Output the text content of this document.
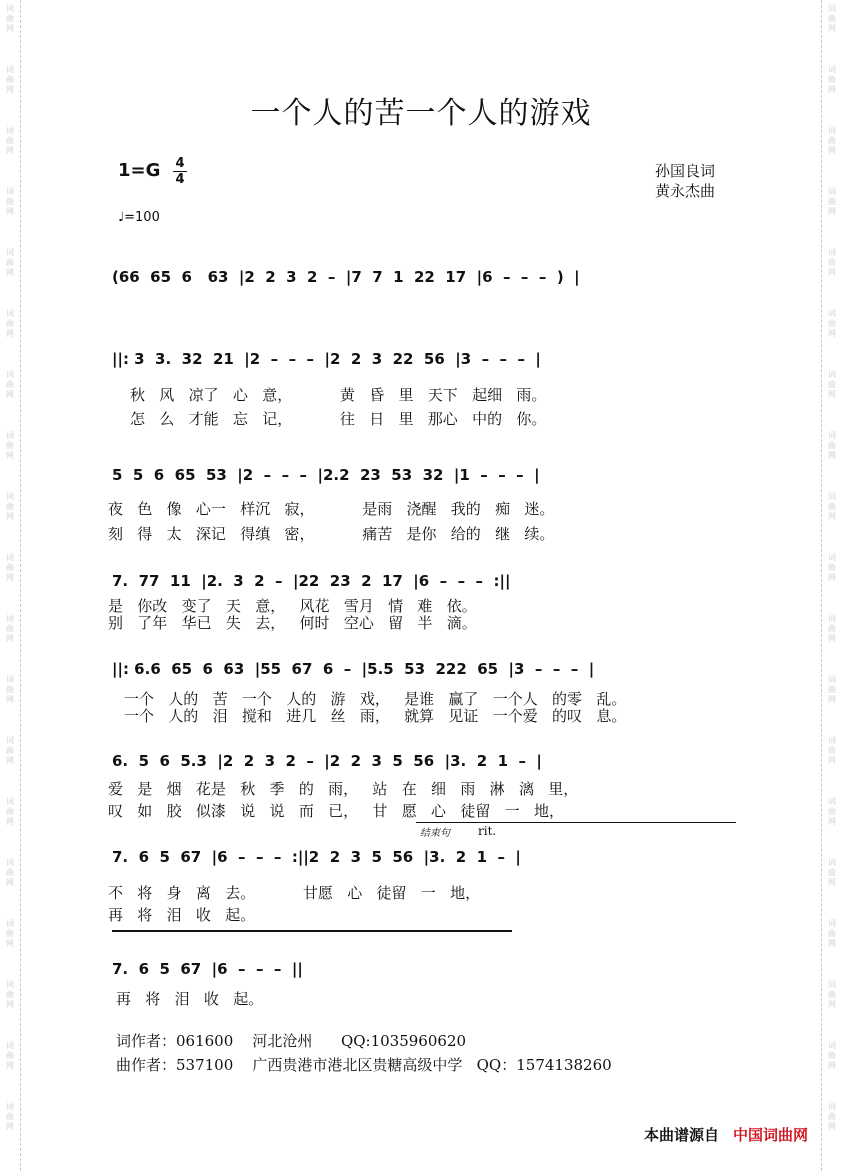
词
曲
网
词
曲
网
词
曲
网
词
曲
网
词
曲
网
词
曲
网
词
曲
网
词
曲
网
词
曲
网
词
曲
网
词
曲
网
词
曲
网
词
曲
网
词
曲
网
词
曲
网
词
曲
网
词
曲
网
词
曲
网
词
曲
网
词
曲
网
词
曲
网
词
曲
网
词
曲
网
词
曲
网
词
曲
网
词
曲
网
词
曲
网
词
曲
网
词
曲
网
词
曲
网
词
曲
网
词
曲
网
词
曲
网
词
曲
网
词
曲
网
词
曲
网
词
曲
网
词
曲
网
一个人的苦一个人的游戏
1=G 4
4
♩=100
孙国良词
黄永杰曲
(66  65  6   63  |2  2  3  2  –  |7  7  1  22  17  |6  –  –  –  )  |
||: 3  3.  32  21  |2  –  –  –  |2  2  3  22  56  |3  –  –  –  |
秋   风   凉了   心   意，          黄   昏   里   天下   起细   雨。
怎   么   才能   忘   记，          往   日   里   那心   中的   你。
5  5  6  65  53  |2  –  –  –  |2.2  23  53  32  |1  –  –  –  |
夜   色   像   心一   样沉   寂，          是雨   浇醒   我的   痴   迷。
刻   得   太   深记   得缜   密，          痛苦   是你   给的   继   续。
7.  77  11  |2.  3  2  –  |22  23  2  17  |6  –  –  –  :||
是   你改   变了   天   意，   风花   雪月   情   难   依。
别   了年   华已   失   去，   何时   空心   留   半   滴。
||: 6.6  65  6  63  |55  67  6  –  |5.5  53  222  65  |3  –  –  –  |
一个   人的   苦   一个   人的   游   戏，   是谁   赢了   一个人   的零   乱。
一个   人的   泪   搅和   进几   丝   雨，   就算   见证   一个爱   的叹   息。
6.  5  6  5.3  |2  2  3  2  –  |2  2  3  5  56  |3.  2  1  –  |
爱   是   烟   花是   秋   季   的   雨，   站   在   细   雨   淋   漓   里，
叹   如   胶   似漆   说   说   而   已，   甘   愿   心   徒留   一   地，
结束句 rit.
7.  6  5  67  |6  –  –  –  :||2  2  3  5  56  |3.  2  1  –  |
不   将   身   离   去。          甘愿   心   徒留   一   地，
再   将   泪   收   起。
7.  6  5  67  |6  –  –  –  ||
再   将   泪   收   起。
词作者：061600    河北沧州      QQ:1035960620
曲作者：537100    广西贵港市港北区贵糖高级中学   QQ：1574138260
本曲谱源自 中国词曲网
